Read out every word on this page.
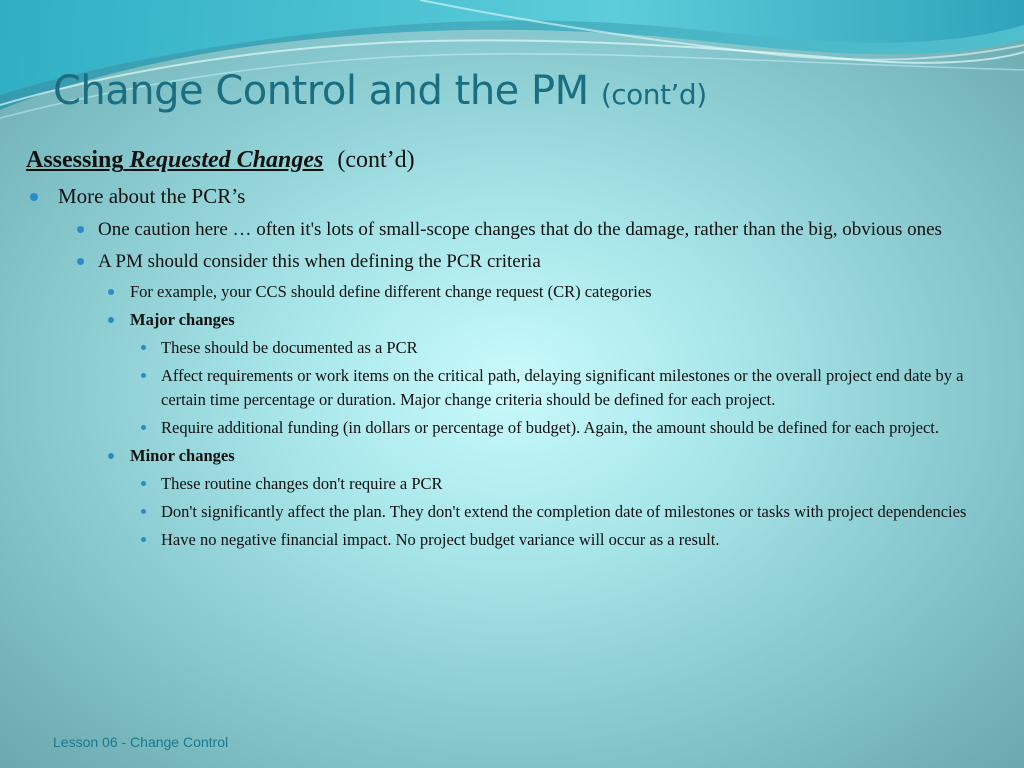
Change Control and the PM (cont’d)
Assessing Requested Changes (cont’d)
More about the PCR’s
One caution here … often it's lots of small-scope changes that do the damage, rather than the big, obvious ones
A PM should consider this when defining the PCR criteria
For example, your CCS should define different change request (CR) categories
Major changes
These should be documented as a PCR
Affect requirements or work items on the critical path, delaying significant milestones or the overall project end date by a certain time percentage or duration. Major change criteria should be defined for each project.
Require additional funding (in dollars or percentage of budget). Again, the amount should be defined for each project.
Minor changes
These routine changes don't require a PCR
Don't significantly affect the plan. They don't extend the completion date of milestones or tasks with project dependencies
Have no negative financial impact. No project budget variance will occur as a result.
Lesson 06 - Change Control
